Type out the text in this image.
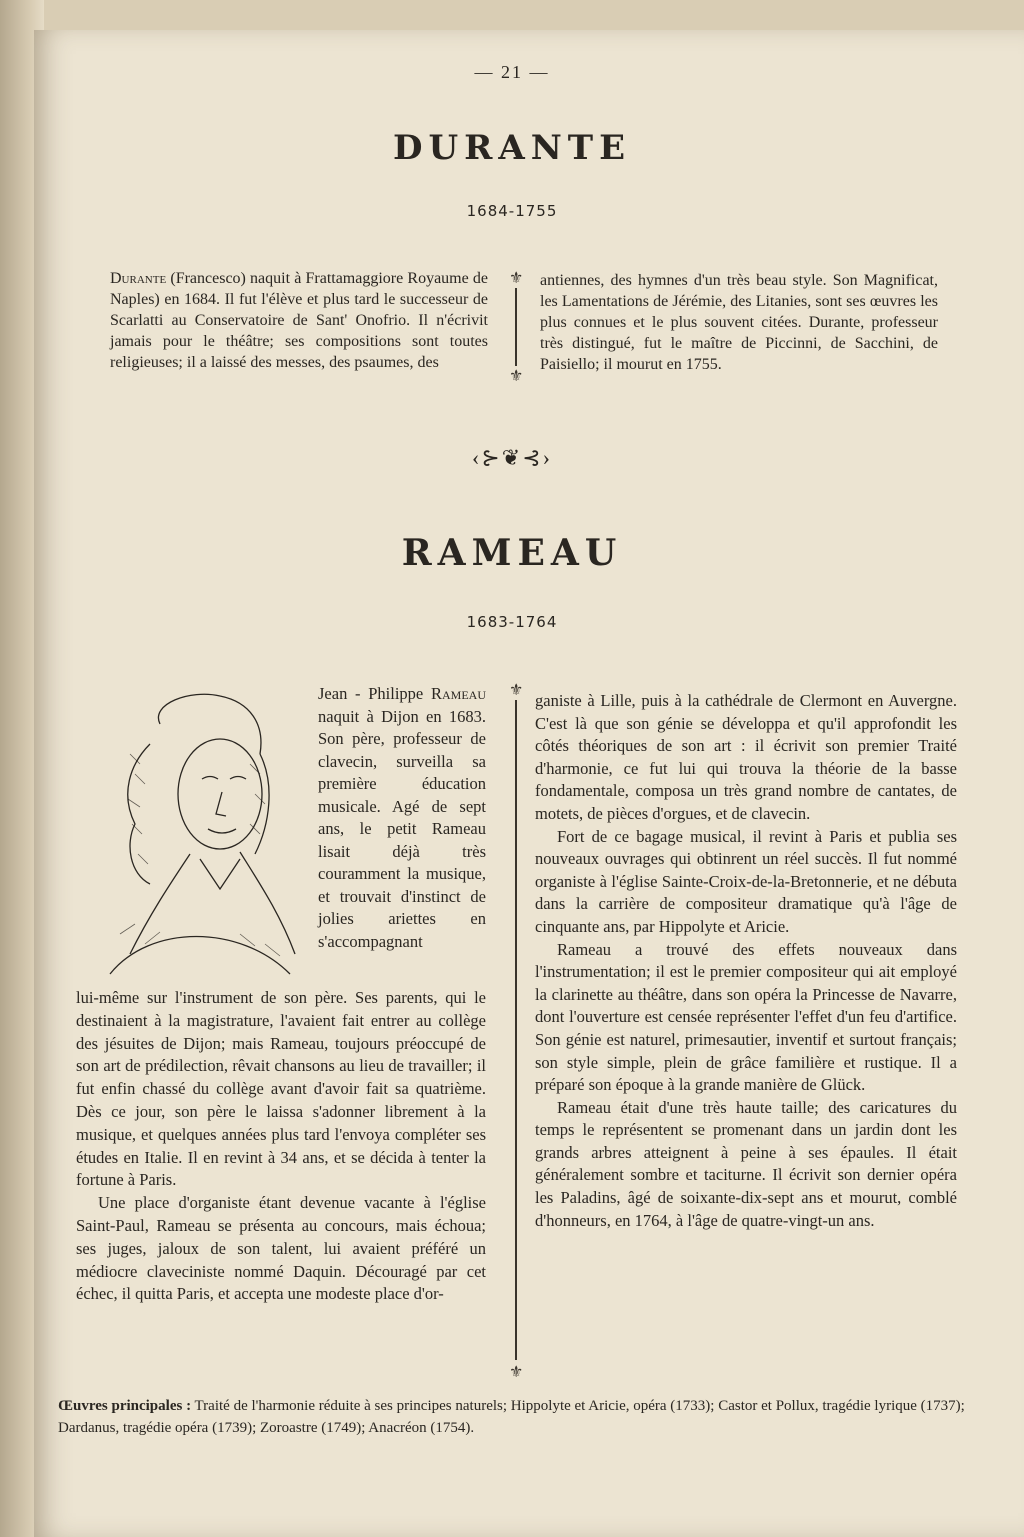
— 21 —
DURANTE
1684-1755
Durante (Francesco) naquit à Frattamaggiore Royaume de Naples) en 1684. Il fut l'élève et plus tard le successeur de Scarlatti au Conservatoire de Sant' Onofrio. Il n'écrivit jamais pour le théâtre; ses compositions sont toutes religieuses; il a laissé des messes, des psaumes, des
⚜
⚜
antiennes, des hymnes d'un très beau style. Son Magnificat, les Lamentations de Jérémie, des Litanies, sont ses œuvres les plus connues et le plus souvent citées. Durante, professeur très distingué, fut le maître de Piccinni, de Sacchini, de Paisiello; il mourut en 1755.
‹⊱❦⊰›
RAMEAU
1683-1764
Jean - Philippe Rameau naquit à Dijon en 1683. Son père, professeur de clavecin, surveilla sa première éducation musicale. Agé de sept ans, le petit Rameau lisait déjà très couramment la musique, et trouvait d'instinct de jolies ariettes en s'accompagnant

lui-même sur l'instrument de son père. Ses parents, qui le destinaient à la magistrature, l'avaient fait entrer au collège des jésuites de Dijon; mais Rameau, toujours préoccupé de son art de prédilection, rêvait chansons au lieu de travailler; il fut enfin chassé du collège avant d'avoir fait sa quatrième. Dès ce jour, son père le laissa s'adonner librement à la musique, et quelques années plus tard l'envoya compléter ses études en Italie. Il en revint à 34 ans, et se décida à tenter la fortune à Paris.

Une place d'organiste étant devenue vacante à l'église Saint-Paul, Rameau se présenta au concours, mais échoua; ses juges, jaloux de son talent, lui avaient préféré un médiocre claveciniste nommé Daquin. Découragé par cet échec, il quitta Paris, et accepta une modeste place d'or-

⚜
⚜

ganiste à Lille, puis à la cathédrale de Clermont en Auvergne. C'est là que son génie se développa et qu'il approfondit les côtés théoriques de son art : il écrivit son premier Traité d'harmonie, ce fut lui qui trouva la théorie de la basse fondamentale, composa un très grand nombre de cantates, de motets, de pièces d'orgues, et de clavecin.

Fort de ce bagage musical, il revint à Paris et publia ses nouveaux ouvrages qui obtinrent un réel succès. Il fut nommé organiste à l'église Sainte-Croix-de-la-Bretonnerie, et ne débuta dans la carrière de compositeur dramatique qu'à l'âge de cinquante ans, par Hippolyte et Aricie.

Rameau a trouvé des effets nouveaux dans l'instrumentation; il est le premier compositeur qui ait employé la clarinette au théâtre, dans son opéra la Princesse de Navarre, dont l'ouverture est censée représenter l'effet d'un feu d'artifice. Son génie est naturel, primesautier, inventif et surtout français; son style simple, plein de grâce familière et rustique. Il a préparé son époque à la grande manière de Glück.

Rameau était d'une très haute taille; des caricatures du temps le représentent se promenant dans un jardin dont les grands arbres atteignent à peine à ses épaules. Il était généralement sombre et taciturne. Il écrivit son dernier opéra les Paladins, âgé de soixante-dix-sept ans et mourut, comblé d'honneurs, en 1764, à l'âge de quatre-vingt-un ans.

Œuvres principales : Traité de l'harmonie réduite à ses principes naturels; Hippolyte et Aricie, opéra (1733); Castor et Pollux, tragédie lyrique (1737); Dardanus, tragédie opéra (1739); Zoroastre (1749); Anacréon (1754).
